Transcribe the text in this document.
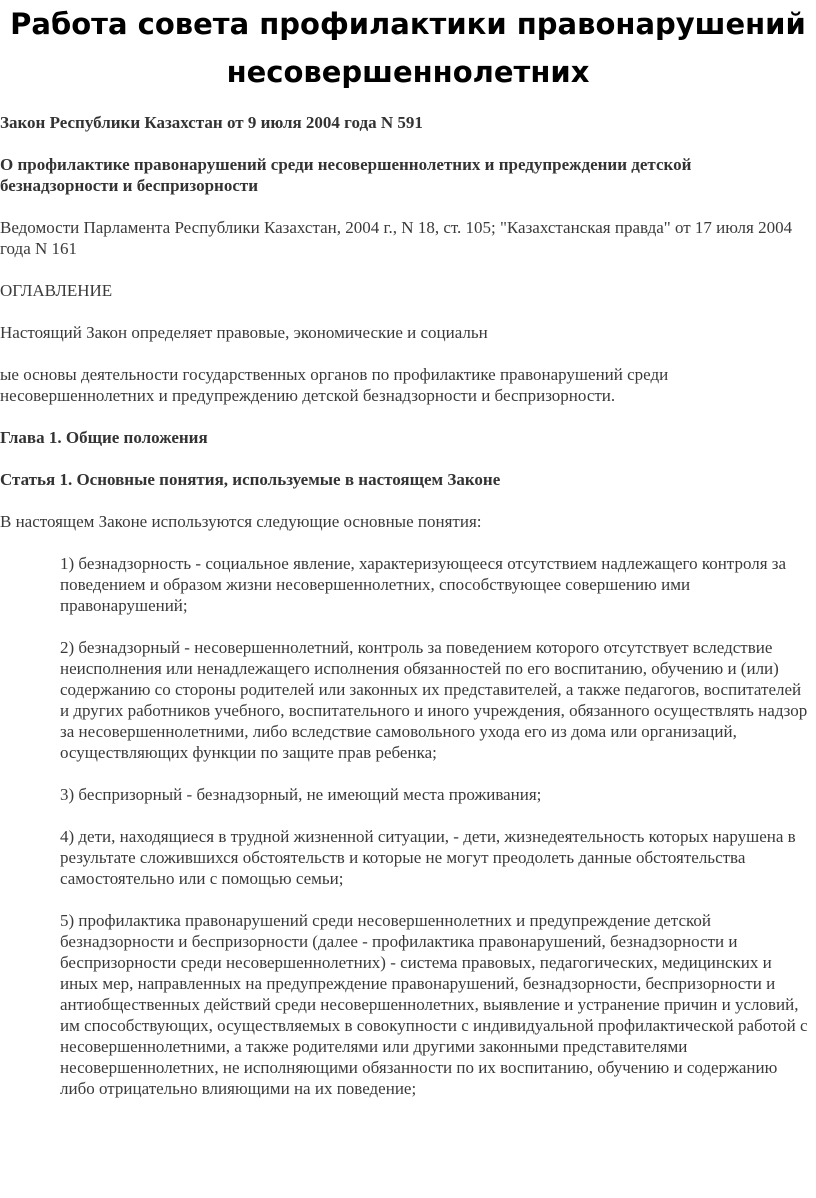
Работа совета профилактики правонарушений несовершеннолетних

Закон Республики Казахстан от 9 июля 2004 года N 591

О профилактике правонарушений среди несовершеннолетних и предупреждении детской безнадзорности и беспризорности

Ведомости Парламента Республики Казахстан, 2004 г., N 18, ст. 105; "Казахстанская правда" от 17 июля 2004 года N 161

ОГЛАВЛЕНИЕ

Настоящий Закон определяет правовые, экономические и социальн

ые основы деятельности государственных органов по профилактике правонарушений среди несовершеннолетних и предупреждению детской безнадзорности и беспризорности.

Глава 1. Общие положения

Статья 1. Основные понятия, используемые в настоящем Законе

В настоящем Законе используются следующие основные понятия:

1) безнадзорность - социальное явление, характеризующееся отсутствием надлежащего контроля за поведением и образом жизни несовершеннолетних, способствующее совершению ими правонарушений;

2) безнадзорный - несовершеннолетний, контроль за поведением которого отсутствует вследствие неисполнения или ненадлежащего исполнения обязанностей по его воспитанию, обучению и (или) содержанию со стороны родителей или законных их представителей, а также педагогов, воспитателей и других работников учебного, воспитательного и иного учреждения, обязанного осуществлять надзор за несовершеннолетними, либо вследствие самовольного ухода его из дома или организаций, осуществляющих функции по защите прав ребенка;

3) беспризорный - безнадзорный, не имеющий места проживания;

4) дети, находящиеся в трудной жизненной ситуации, - дети, жизнедеятельность которых нарушена в результате сложившихся обстоятельств и которые не могут преодолеть данные обстоятельства самостоятельно или с помощью семьи;

5) профилактика правонарушений среди несовершеннолетних и предупреждение детской безнадзорности и беспризорности (далее - профилактика правонарушений, безнадзорности и беспризорности среди несовершеннолетних) - система правовых, педагогических, медицинских и иных мер, направленных на предупреждение правонарушений, безнадзорности, беспризорности и антиобщественных действий среди несовершеннолетних, выявление и устранение причин и условий, им способствующих, осуществляемых в совокупности с индивидуальной профилактической работой с несовершеннолетними, а также родителями или другими законными представителями несовершеннолетних, не исполняющими обязанности по их воспитанию, обучению и содержанию либо отрицательно влияющими на их поведение;
